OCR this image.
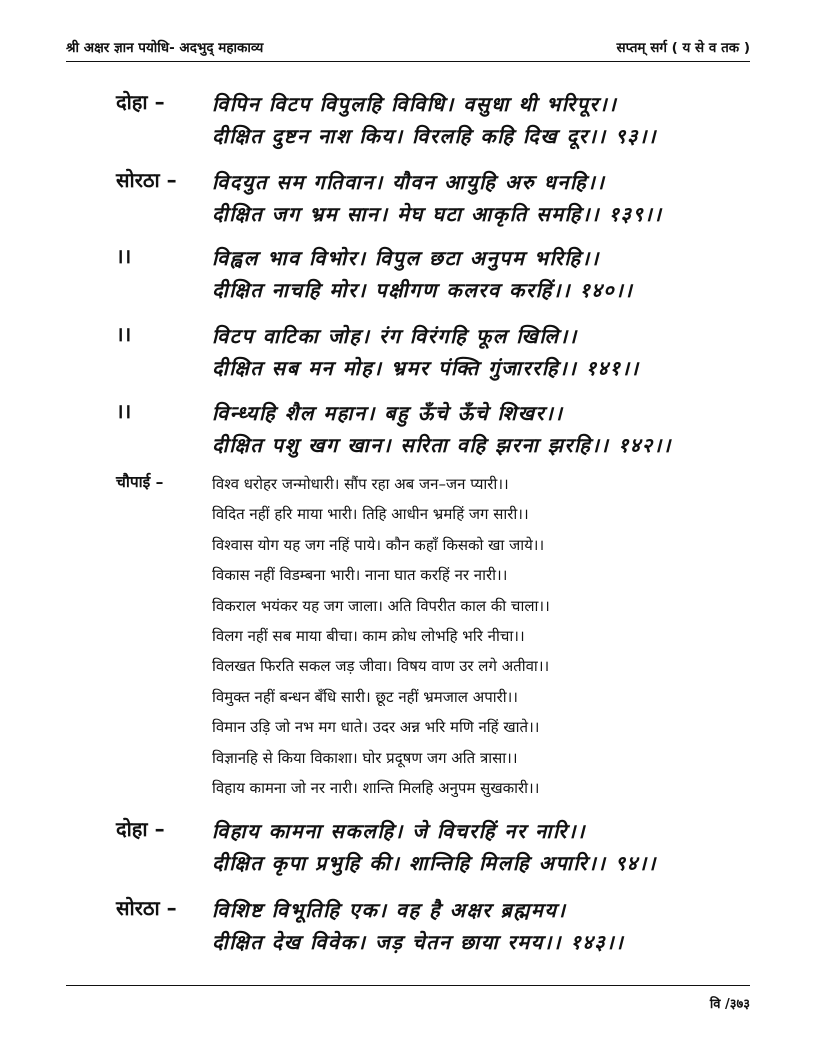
श्री अक्षर ज्ञान पयोधि- अदभुद् महाकाव्य	सप्तम् सर्ग ( य से व तक )
दोहा – विपिन विटप विपुलहि विविधि। वसुधा थी भरिपूर।।
दीक्षित दुष्टन नाश किय। विरलहि कहि दिख दूर।। ९३।।
सोरठा – विदयुत सम गतिवान। यौवन आयुहि अरु धनहि।।
दीक्षित जग भ्रम सान। मेघ घटा आकृति समहि।। १३९।।
।।	विह्वल भाव विभोर। विपुल छटा अनुपम भरिहि।।
दीक्षित नाचहि मोर। पक्षीगण कलरव करहिं।। १४०।।
।।	विटप वाटिका जोह। रंग विरंगहि फूल खिलि।।
दीक्षित सब मन मोह। भ्रमर पंक्ति गुंजाररहि।। १४१।।
।।	विन्ध्यहि शैल महान। बहु ऊँचे ऊँचे शिखर।।
दीक्षित पशु खग खान। सरिता वहि झरना झरहि।। १४२।।
चौपाई –	विश्व धरोहर जन्मोधारी। सौंप रहा अब जन–जन प्यारी।।
विदित नहीं हरि माया भारी। तिहि आधीन भ्रमहिं जग सारी।।
विश्वास योग यह जग नहिं पाये। कौन कहाँ किसको खा जाये।।
विकास नहीं विडम्बना भारी। नाना घात करहिं नर नारी।।
विकराल भयंकर यह जग जाला। अति विपरीत काल की चाला।।
विलग नहीं सब माया बीचा। काम क्रोध लोभहि भरि नीचा।।
विलखत फिरति सकल जड़ जीवा। विषय वाण उर लगे अतीवा।।
विमुक्त नहीं बन्धन बँधि सारी। छूट नहीं भ्रमजाल अपारी।।
विमान उड़ि जो नभ मग धाते। उदर अन्न भरि मणि नहिं खाते।।
विज्ञानहि से किया विकाशा। घोर प्रदूषण जग अति त्रासा।।
विहाय कामना जो नर नारी। शान्ति मिलहि अनुपम सुखकारी।।
दोहा – विहाय कामना सकलहि। जे विचरहिं नर नारि।।
दीक्षित कृपा प्रभुहि की। शान्तिहि मिलहि अपारि।। ९४।।
सोरठा – विशिष्ट विभूतिहि एक। वह है अक्षर ब्रह्ममय।
दीक्षित देख विवेक। जड़ चेतन छाया रमय।। १४३।।
वि /३७३
